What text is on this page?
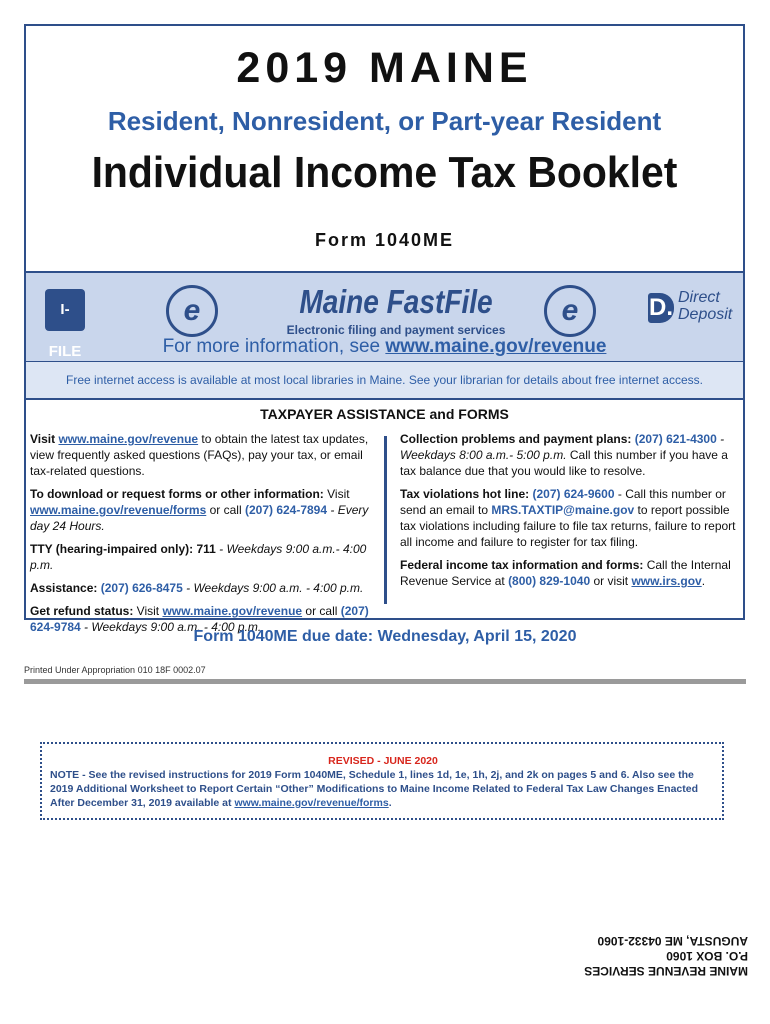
2019 MAINE
Resident, Nonresident, or Part-year Resident
Individual Income Tax Booklet
Form 1040ME
I-FILE
e	Maine FastFile
Electronic filing and payment services
e	D. Direct Deposit
For more information, see www.maine.gov/revenue
Free internet access is available at most local libraries in Maine. See your librarian for details about free internet access.
TAXPAYER ASSISTANCE and FORMS

Visit www.maine.gov/revenue to obtain the latest tax updates, view frequently asked questions (FAQs), pay your tax, or email tax-related questions.

To download or request forms or other information: Visit www.maine.gov/revenue/forms or call (207) 624-7894 - Every day 24 Hours.

TTY (hearing-impaired only): 711 - Weekdays 9:00 a.m.- 4:00 p.m.

Assistance: (207) 626-8475 - Weekdays 9:00 a.m. - 4:00 p.m.

Get refund status: Visit www.maine.gov/revenue or call (207) 624-9784 - Weekdays 9:00 a.m. - 4:00 p.m.

Collection problems and payment plans: (207) 621-4300 - Weekdays 8:00 a.m.- 5:00 p.m. Call this number if you have a tax balance due that you would like to resolve.

Tax violations hot line: (207) 624-9600 - Call this number or send an email to MRS.TAXTIP@maine.gov to report possible tax violations including failure to file tax returns, failure to report all income and failure to register for tax filing.

Federal income tax information and forms: Call the Internal Revenue Service at (800) 829-1040 or visit www.irs.gov.

Form 1040ME due date: Wednesday, April 15, 2020
Printed Under Appropriation 010 18F 0002.07
REVISED - JUNE 2020
NOTE - See the revised instructions for 2019 Form 1040ME, Schedule 1, lines 1d, 1e, 1h, 2j, and 2k on pages 5 and 6. Also see the 2019 Additional Worksheet to Report Certain “Other” Modifications to Maine Income Related to Federal Tax Law Changes Enacted After December 31, 2019 available at www.maine.gov/revenue/forms.
MAINE REVENUE SERVICES
P.O. BOX 1060
AUGUSTA, ME 04332-1060
